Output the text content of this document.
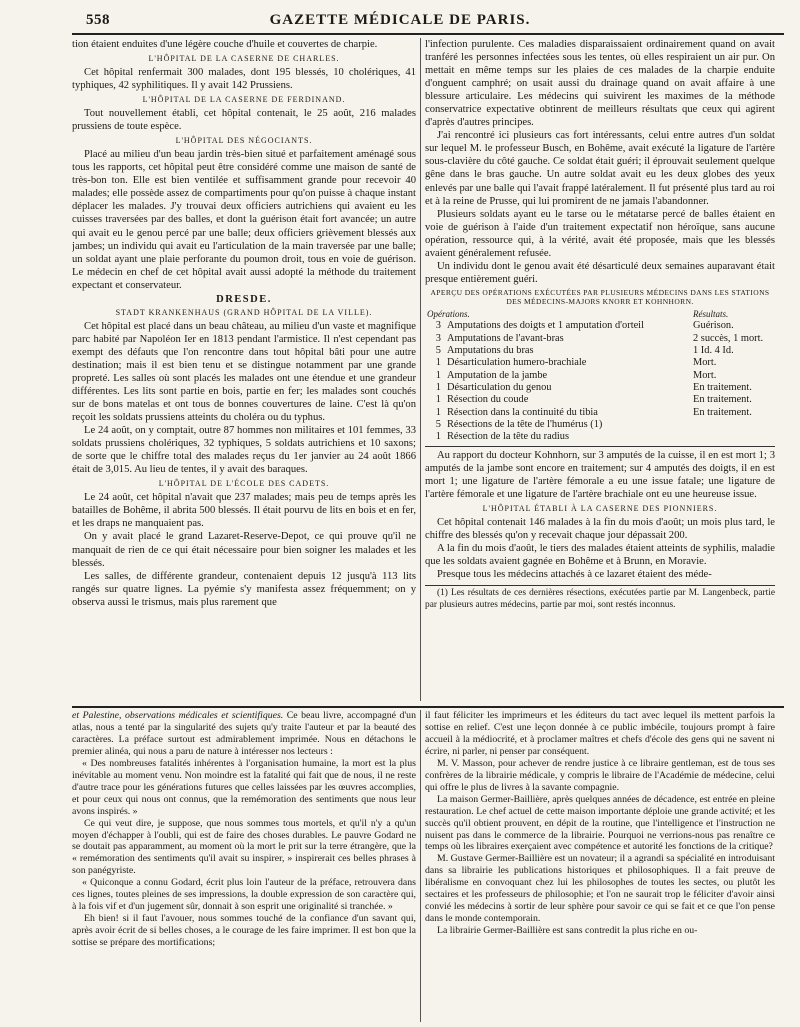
558	GAZETTE MÉDICALE DE PARIS.

tion étaient enduites d'une légère couche d'huile et couvertes de charpie.

L'HÔPITAL DE LA CASERNE DE CHARLES.

Cet hôpital renfermait 300 malades, dont 195 blessés, 10 cholériques, 41 typhiques, 42 syphilitiques. Il y avait 142 Prussiens.

L'HÔPITAL DE LA CASERNE DE FERDINAND.

Tout nouvellement établi, cet hôpital contenait, le 25 août, 216 malades prussiens de toute espèce.

L'HÔPITAL DES NÉGOCIANTS.

Placé au milieu d'un beau jardin très-bien situé et parfaitement aménagé sous tous les rapports, cet hôpital peut être considéré comme une maison de santé de très-bon ton. Elle est bien ventilée et suffisamment grande pour recevoir 40 malades; elle possède assez de compartiments pour qu'on puisse à chaque instant déplacer les malades. J'y trouvai deux officiers autrichiens qui avaient eu les cuisses traversées par des balles, et dont la guérison était fort avancée; un autre qui avait eu le genou percé par une balle; deux officiers grièvement blessés aux jambes; un individu qui avait eu l'articulation de la main traversée par une balle; un soldat ayant une plaie perforante du poumon droit, tous en voie de guérison. Le médecin en chef de cet hôpital avait aussi adopté la méthode du traitement expectant et conservateur.

DRESDE.
STADT KRANKENHAUS (GRAND HÔPITAL DE LA VILLE).

Cet hôpital est placé dans un beau château, au milieu d'un vaste et magnifique parc habité par Napoléon Ier en 1813 pendant l'armistice. Il n'est cependant pas exempt des défauts que l'on rencontre dans tout hôpital bâti pour une autre destination; mais il est bien tenu et se distingue notamment par une grande propreté. Les salles où sont placés les malades ont une étendue et une grandeur différentes. Les lits sont partie en bois, partie en fer; les malades sont couchés sur de bons matelas et ont tous de bonnes couvertures de laine. C'est là qu'on reçoit les soldats prussiens atteints du choléra ou du typhus.

Le 24 août, on y comptait, outre 87 hommes non militaires et 101 femmes, 33 soldats prussiens cholériques, 32 typhiques, 5 soldats autrichiens et 10 saxons; de sorte que le chiffre total des malades reçus du 1er janvier au 24 août 1866 était de 3,015. Au lieu de tentes, il y avait des baraques.

L'HÔPITAL DE L'ÉCOLE DES CADETS.

Le 24 août, cet hôpital n'avait que 237 malades; mais peu de temps après les batailles de Bohême, il abrita 500 blessés. Il était pourvu de lits en bois et en fer, et les draps ne manquaient pas.

On y avait placé le grand Lazaret-Reserve-Depot, ce qui prouve qu'il ne manquait de rien de ce qui était nécessaire pour bien soigner les malades et les blessés.

Les salles, de différente grandeur, contenaient depuis 12 jusqu'à 113 lits rangés sur quatre lignes. La pyémie s'y manifesta assez fréquemment; on y observa aussi le trismus, mais plus rarement que

l'infection purulente. Ces maladies disparaissaient ordinairement quand on avait tranféré les personnes infectées sous les tentes, où elles respiraient un air pur. On mettait en même temps sur les plaies de ces malades de la charpie enduite d'onguent camphré; on usait aussi du drainage quand on avait affaire à une blessure articulaire. Les médecins qui suivirent les maximes de la méthode conservatrice expectative obtinrent de meilleurs résultats que ceux qui agirent d'après d'autres principes.

J'ai rencontré ici plusieurs cas fort intéressants, celui entre autres d'un soldat sur lequel M. le professeur Busch, en Bohême, avait exécuté la ligature de l'artère sous-clavière du côté gauche. Ce soldat était guéri; il éprouvait seulement quelque gêne dans le bras gauche. Un autre soldat avait eu les deux globes des yeux enlevés par une balle qui l'avait frappé latéralement. Il fut présenté plus tard au roi et à la reine de Prusse, qui lui promirent de ne jamais l'abandonner.

Plusieurs soldats ayant eu le tarse ou le métatarse percé de balles étaient en voie de guérison à l'aide d'un traitement expectatif non héroïque, sans aucune opération, ressource qui, à la vérité, avait été proposée, mais que les blessés avaient généralement refusée.

Un individu dont le genou avait été désarticulé deux semaines auparavant était presque entièrement guéri.

APERÇU DES OPÉRATIONS EXÉCUTÉES PAR PLUSIEURS MÉDECINS DANS LES STATIONS DES MÉDECINS-MAJORS KNORR ET KOHNHORN.
Opérations.		Résultats.
3	Amputations des doigts et 1 amputation d'orteil	Guérison.
3	Amputations de l'avant-bras	2 succès, 1 mort.
5	Amputations du bras	1 Id. 4 Id.
1	Désarticulation humero-brachiale	Mort.
1	Amputation de la jambe	Mort.
1	Désarticulation du genou	En traitement.
1	Résection du coude	En traitement.
1	Résection dans la continuité du tibia	En traitement.
5	Résections de la tête de l'humérus (1)	
1	Résection de la tête du radius	

Au rapport du docteur Kohnhorn, sur 3 amputés de la cuisse, il en est mort 1; 3 amputés de la jambe sont encore en traitement; sur 4 amputés des doigts, il en est mort 1; une ligature de l'artère fémorale a eu une issue fatale; une ligature de l'artère fémorale et une ligature de l'artère brachiale ont eu une heureuse issue.

L'HÔPITAL ÉTABLI À LA CASERNE DES PIONNIERS.

Cet hôpital contenait 146 malades à la fin du mois d'août; un mois plus tard, le chiffre des blessés qu'on y recevait chaque jour dépassait 200.

A la fin du mois d'août, le tiers des malades étaient atteints de syphilis, maladie que les soldats avaient gagnée en Bohême et à Brunn, en Moravie.

Presque tous les médecins attachés à ce lazaret étaient des méde-

(1) Les résultats de ces dernières résections, exécutées partie par M. Langenbeck, partie par plusieurs autres médecins, partie par moi, sont restés inconnus.

et Palestine, observations médicales et scientifiques. Ce beau livre, accompagné d'un atlas, nous a tenté par la singularité des sujets qu'y traite l'auteur et par la beauté des caractères. La préface surtout est admirablement imprimée. Nous en détachons le premier alinéa, qui nous a paru de nature à intéresser nos lecteurs :

« Des nombreuses fatalités inhérentes à l'organisation humaine, la mort est la plus inévitable au moment venu. Non moindre est la fatalité qui fait que de nous, il ne reste d'autre trace pour les générations futures que celles laissées par les œuvres accomplies, et pour ceux qui nous ont connus, que la remémoration des sentiments que nous leur avons inspirés. »

Ce qui veut dire, je suppose, que nous sommes tous mortels, et qu'il n'y a qu'un moyen d'échapper à l'oubli, qui est de faire des choses durables. Le pauvre Godard ne se doutait pas apparamment, au moment où la mort le prit sur la terre étrangère, que la « remémoration des sentiments qu'il avait su inspirer, » inspirerait ces belles phrases à son panégyriste.

« Quiconque a connu Godard, écrit plus loin l'auteur de la préface, retrouvera dans ces lignes, toutes pleines de ses impressions, la double expression de son caractère qui, à la fois vif et d'un jugement sûr, donnait à son esprit une originalité si tranchée. »

Eh bien! si il faut l'avouer, nous sommes touché de la confiance d'un savant qui, après avoir écrit de si belles choses, a le courage de les faire imprimer. Il est bon que la sottise se prépare des mortifications;

il faut féliciter les imprimeurs et les éditeurs du tact avec lequel ils mettent parfois la sottise en relief. C'est une leçon donnée à ce public imbécile, toujours prompt à faire accueil à la médiocrité, et à proclamer maîtres et chefs d'école des gens qui ne savent ni écrire, ni parler, ni penser par conséquent.

M. V. Masson, pour achever de rendre justice à ce libraire gentleman, est de tous ses confrères de la librairie médicale, y compris le libraire de l'Académie de médecine, celui qui offre le plus de livres à la savante compagnie.

La maison Germer-Baillière, après quelques années de décadence, est entrée en pleine restauration. Le chef actuel de cette maison importante déploie une grande activité; et les succès qu'il obtient prouvent, en dépit de la routine, que l'intelligence et l'instruction ne nuisent pas dans le commerce de la librairie. Pourquoi ne verrions-nous pas renaître ce temps où les libraires exerçaient avec compétence et autorité les fonctions de la critique?

M. Gustave Germer-Baillière est un novateur; il a agrandi sa spécialité en introduisant dans sa librairie les publications historiques et philosophiques. Il a fait preuve de libéralisme en convoquant chez lui les philosophes de toutes les sectes, ou plutôt les sectaires et les professeurs de philosophie; et l'on ne saurait trop le féliciter d'avoir ainsi convié les médecins à sortir de leur sphère pour savoir ce qui se fait et ce que l'on pense dans le monde contemporain.

La librairie Germer-Baillière est sans contredit la plus riche en ou-
